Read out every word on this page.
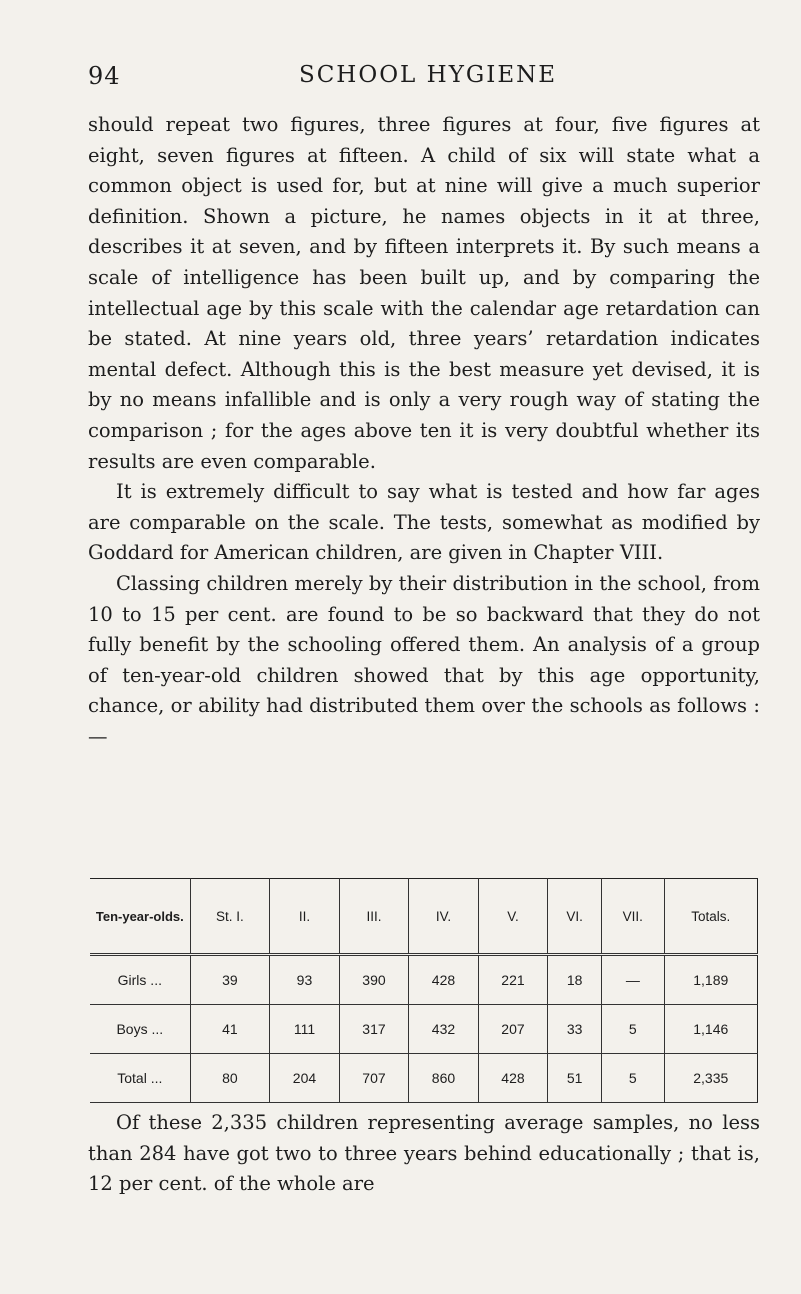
94	SCHOOL HYGIENE

should repeat two figures, three figures at four, five figures at eight, seven figures at fifteen. A child of six will state what a common object is used for, but at nine will give a much superior definition. Shown a picture, he names objects in it at three, describes it at seven, and by fifteen interprets it. By such means a scale of intelligence has been built up, and by comparing the intellectual age by this scale with the calendar age retardation can be stated. At nine years old, three years’ retardation indicates mental defect. Although this is the best measure yet devised, it is by no means infallible and is only a very rough way of stating the comparison ; for the ages above ten it is very doubtful whether its results are even comparable.

It is extremely difficult to say what is tested and how far ages are comparable on the scale. The tests, somewhat as modified by Goddard for American children, are given in Chapter VIII.

Classing children merely by their distribution in the school, from 10 to 15 per cent. are found to be so backward that they do not fully benefit by the schooling offered them. An analysis of a group of ten-year-old children showed that by this age opportunity, chance, or ability had distributed them over the schools as follows :—

Ten-year-olds.	St. I.	II.	III.	IV.	V.	VI.	VII.	Totals.
Girls ...	39	93	390	428	221	18	—	1,189
Boys ...	41	111	317	432	207	33	5	1,146
Total ...	80	204	707	860	428	51	5	2,335

Of these 2,335 children representing average samples, no less than 284 have got two to three years behind educationally ; that is, 12 per cent. of the whole are
